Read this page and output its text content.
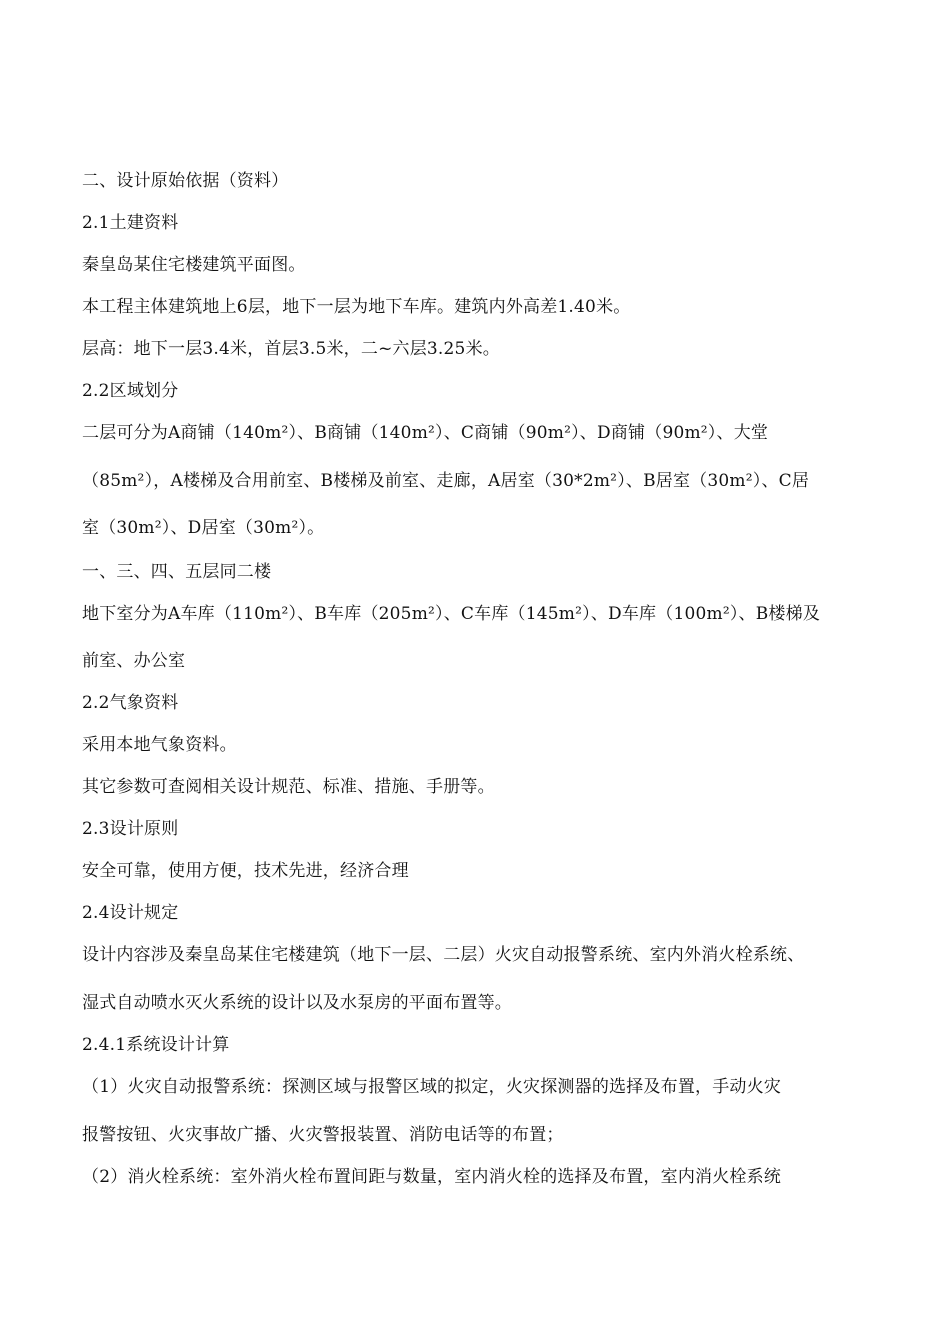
二、设计原始依据（资料）
2.1土建资料
秦皇岛某住宅楼建筑平面图。
本工程主体建筑地上6层，地下一层为地下车库。建筑内外高差1.40米。
层高：地下一层3.4米，首层3.5米，二~六层3.25米。
2.2区域划分
二层可分为A商铺（140m²）、B商铺（140m²）、C商铺（90m²）、D商铺（90m²）、大堂
（85m²），A楼梯及合用前室、B楼梯及前室、走廊，A居室（30*2m²）、B居室（30m²）、C居
室（30m²）、D居室（30m²）。
一、三、四、五层同二楼
地下室分为A车库（110m²）、B车库（205m²）、C车库（145m²）、D车库（100m²）、B楼梯及
前室、办公室
2.2气象资料
采用本地气象资料。
其它参数可查阅相关设计规范、标准、措施、手册等。
2.3设计原则
安全可靠，使用方便，技术先进，经济合理
2.4设计规定
设计内容涉及秦皇岛某住宅楼建筑（地下一层、二层）火灾自动报警系统、室内外消火栓系统、
湿式自动喷水灭火系统的设计以及水泵房的平面布置等。
2.4.1系统设计计算
（1）火灾自动报警系统：探测区域与报警区域的拟定，火灾探测器的选择及布置，手动火灾
报警按钮、火灾事故广播、火灾警报装置、消防电话等的布置；
（2）消火栓系统：室外消火栓布置间距与数量，室内消火栓的选择及布置，室内消火栓系统
